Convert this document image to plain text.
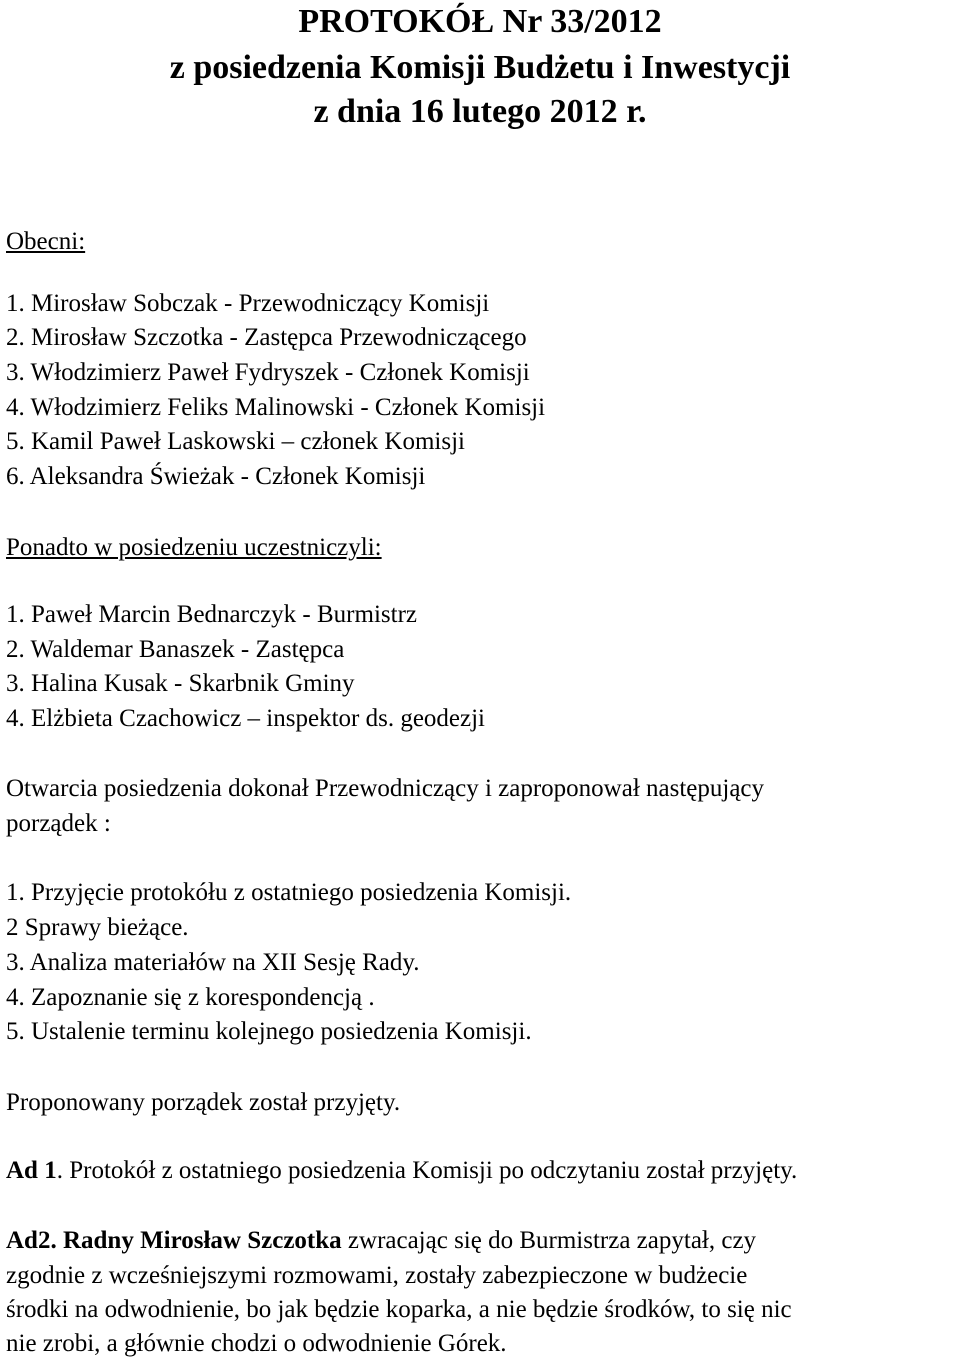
PROTOKÓŁ Nr 33/2012
z posiedzenia Komisji Budżetu i Inwestycji
z dnia 16 lutego 2012 r.
Obecni:
1. Mirosław Sobczak - Przewodniczący Komisji
2. Mirosław Szczotka - Zastępca Przewodniczącego
3. Włodzimierz Paweł Fydryszek - Członek Komisji
4. Włodzimierz Feliks Malinowski - Członek Komisji
5. Kamil Paweł Laskowski – członek Komisji
6. Aleksandra Świeżak - Członek Komisji
Ponadto w posiedzeniu uczestniczyli:
1. Paweł Marcin Bednarczyk - Burmistrz
2. Waldemar Banaszek - Zastępca
3. Halina Kusak - Skarbnik Gminy
4. Elżbieta Czachowicz – inspektor ds. geodezji
Otwarcia posiedzenia dokonał Przewodniczący i zaproponował następujący
porządek :
1. Przyjęcie protokółu z ostatniego posiedzenia Komisji.
2 Sprawy bieżące.
3. Analiza materiałów na XII Sesję Rady.
4. Zapoznanie się z korespondencją .
5. Ustalenie terminu kolejnego posiedzenia Komisji.
Proponowany porządek został przyjęty.
Ad 1. Protokół z ostatniego posiedzenia Komisji po odczytaniu został przyjęty.
Ad2. Radny Mirosław Szczotka zwracając się do Burmistrza zapytał, czy
zgodnie z wcześniejszymi rozmowami, zostały zabezpieczone w budżecie
środki na odwodnienie, bo jak będzie koparka, a nie będzie środków, to się nic
nie zrobi, a głównie chodzi o odwodnienie Górek.
